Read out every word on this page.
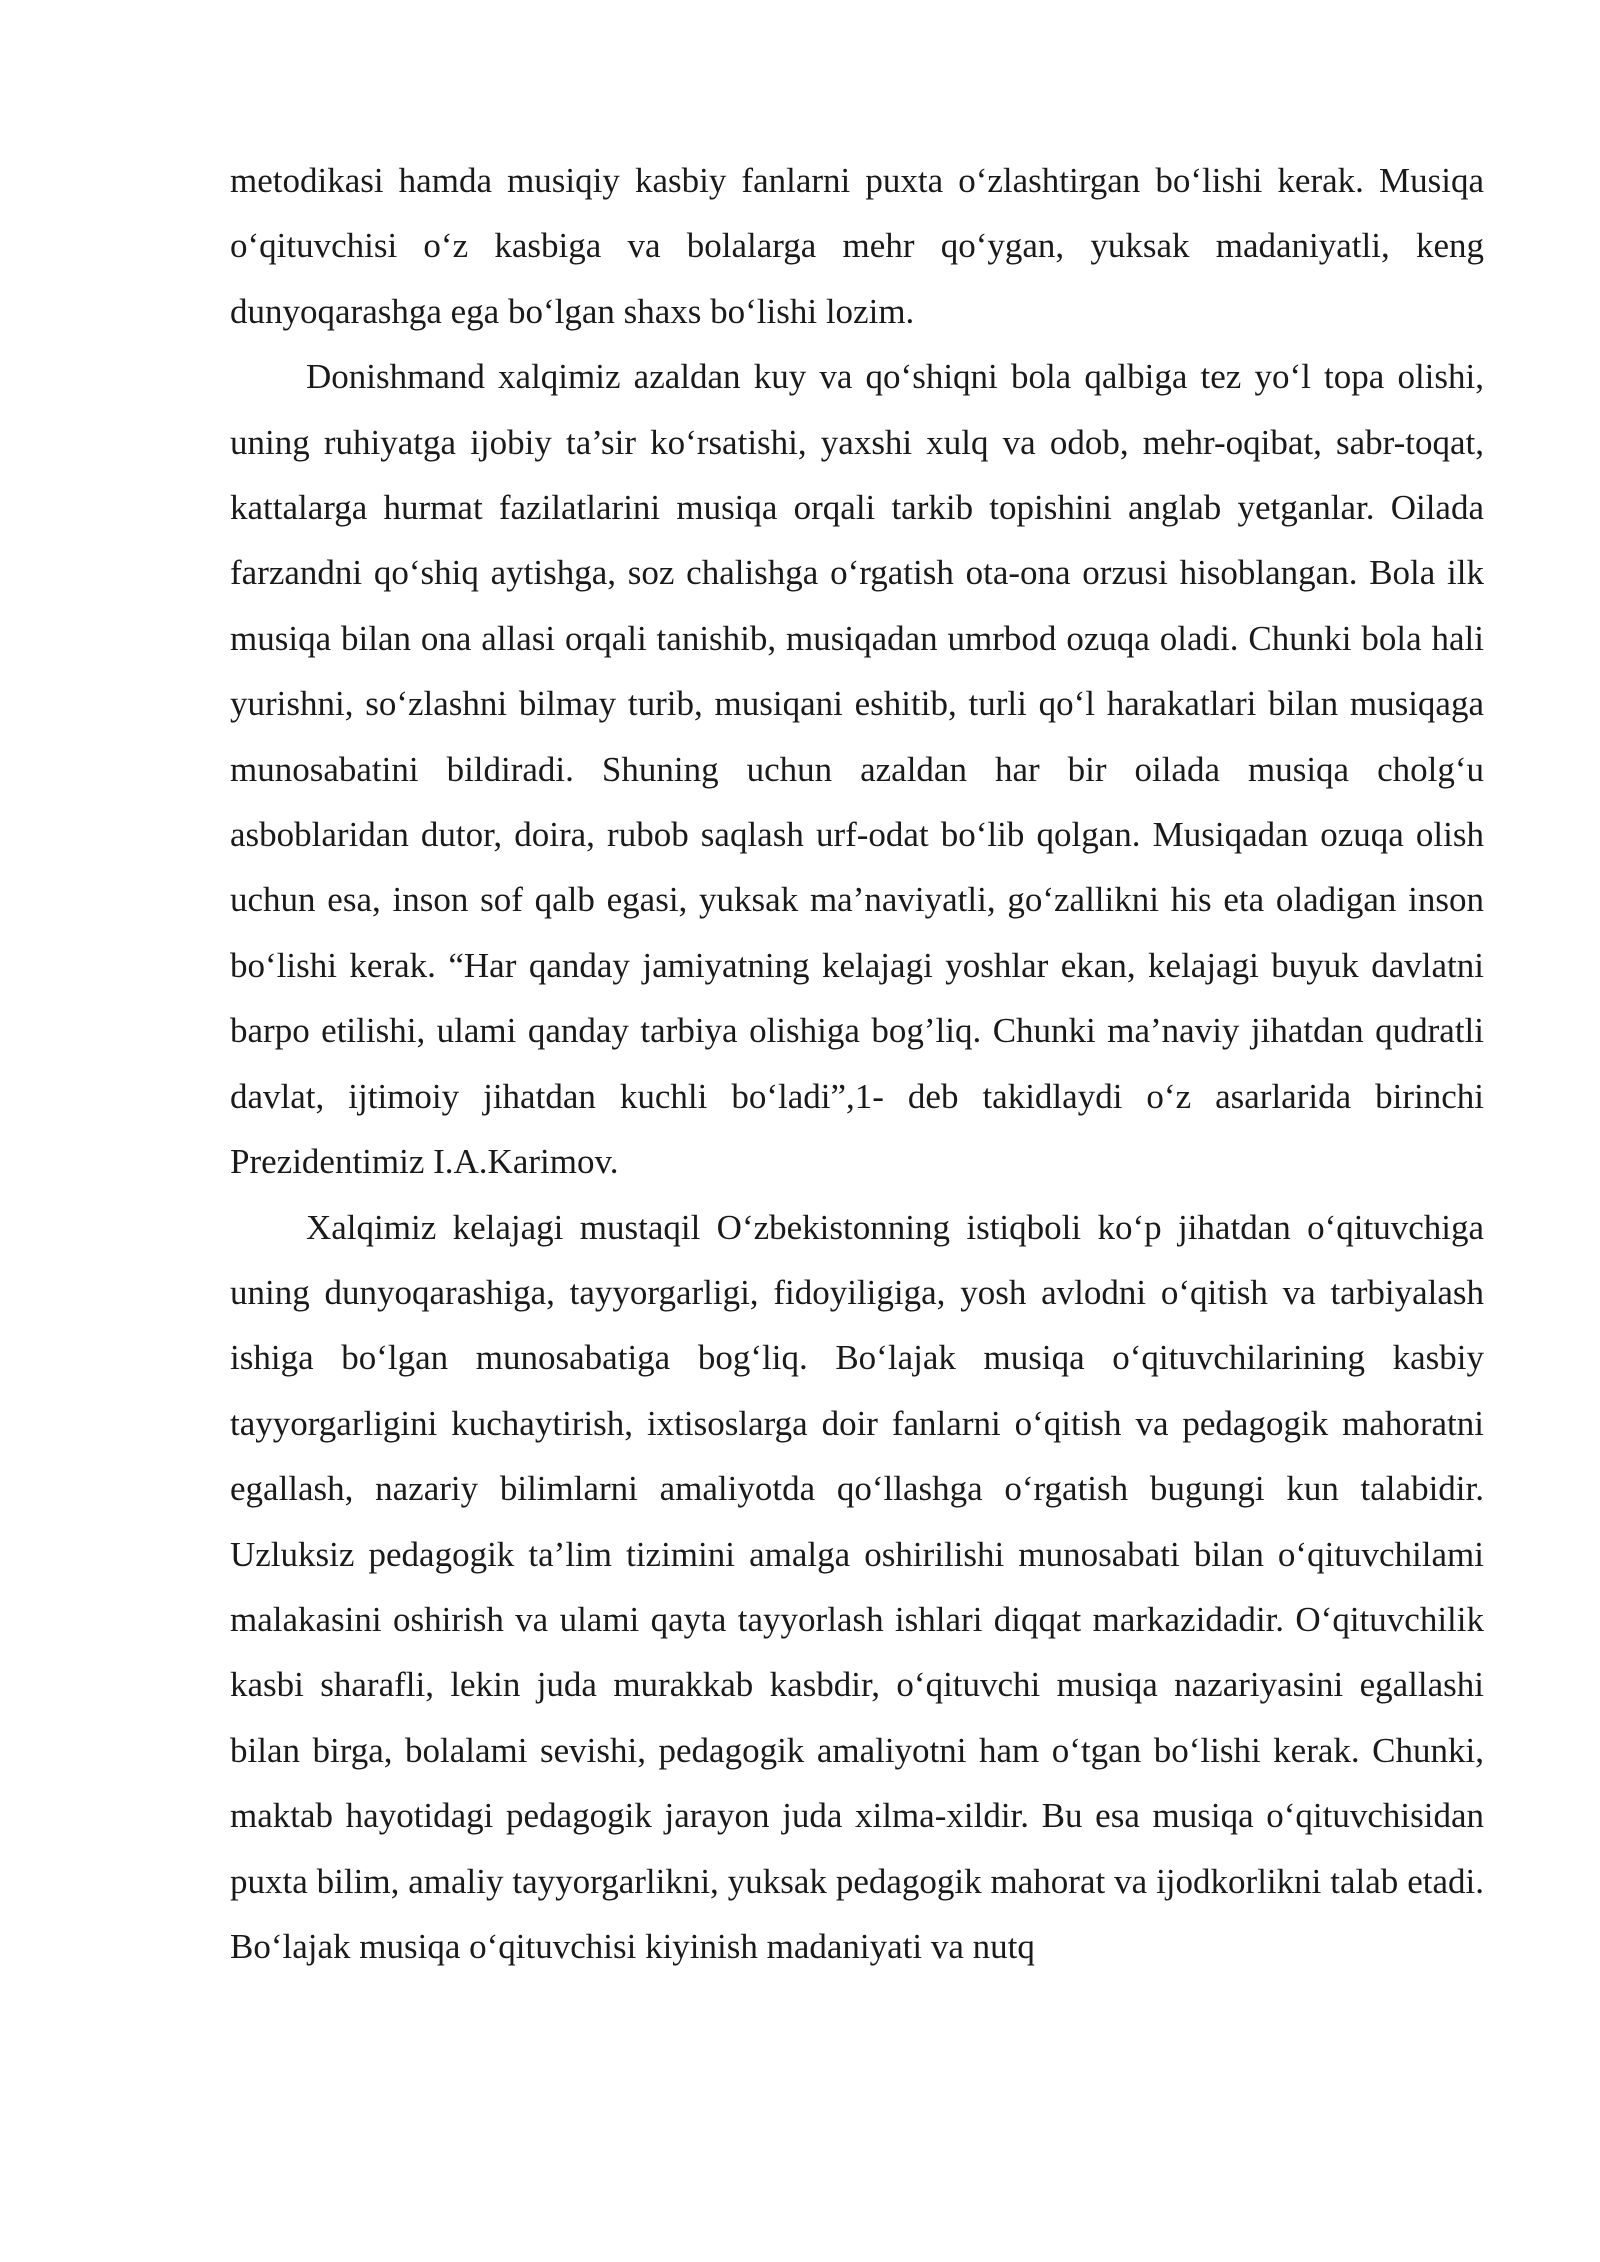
metodikasi hamda musiqiy kasbiy fanlarni puxta o‘zlashtirgan bo‘lishi kerak. Musiqa o‘qituvchisi o‘z kasbiga va bolalarga mehr qo‘ygan, yuksak madaniyatli, keng dunyoqarashga ega bo‘lgan shaxs bo‘lishi lozim.

Donishmand xalqimiz azaldan kuy va qo‘shiqni bola qalbiga tez yo‘l topa olishi, uning ruhiyatga ijobiy ta’sir ko‘rsatishi, yaxshi xulq va odob, mehr-oqibat, sabr-toqat, kattalarga hurmat fazilatlarini musiqa orqali tarkib topishini anglab yetganlar. Oilada farzandni qo‘shiq aytishga, soz chalishga o‘rgatish ota-ona orzusi hisoblangan. Bola ilk musiqa bilan ona allasi orqali tanishib, musiqadan umrbod ozuqa oladi. Chunki bola hali yurishni, so‘zlashni bilmay turib, musiqani eshitib, turli qo‘l harakatlari bilan musiqaga munosabatini bildiradi. Shuning uchun azaldan har bir oilada musiqa cholg‘u asboblaridan dutor, doira, rubob saqlash urf-odat bo‘lib qolgan. Musiqadan ozuqa olish uchun esa, inson sof qalb egasi, yuksak ma’naviyatli, go‘zallikni his eta oladigan inson bo‘lishi kerak. “Har qanday jamiyatning kelajagi yoshlar ekan, kelajagi buyuk davlatni barpo etilishi, ulami qanday tarbiya olishiga bog’liq. Chunki ma’naviy jihatdan qudratli davlat, ijtimoiy jihatdan kuchli bo‘ladi”,1- deb takidlaydi o‘z asarlarida birinchi Prezidentimiz I.A.Karimov.

Xalqimiz kelajagi mustaqil O‘zbekistonning istiqboli ko‘p jihatdan o‘qituvchiga uning dunyoqarashiga, tayyorgarligi, fidoyiligiga, yosh avlodni o‘qitish va tarbiyalash ishiga bo‘lgan munosabatiga bog‘liq. Bo‘lajak musiqa o‘qituvchilarining kasbiy tayyorgarligini kuchaytirish, ixtisoslarga doir fanlarni o‘qitish va pedagogik mahoratni egallash, nazariy bilimlarni amaliyotda qo‘llashga o‘rgatish bugungi kun talabidir. Uzluksiz pedagogik ta’lim tizimini amalga oshirilishi munosabati bilan o‘qituvchilami malakasini oshirish va ulami qayta tayyorlash ishlari diqqat markazidadir. O‘qituvchilik kasbi sharafli, lekin juda murakkab kasbdir, o‘qituvchi musiqa nazariyasini egallashi bilan birga, bolalami sevishi, pedagogik amaliyotni ham o‘tgan bo‘lishi kerak. Chunki, maktab hayotidagi pedagogik jarayon juda xilma-xildir. Bu esa musiqa o‘qituvchisidan puxta bilim, amaliy tayyorgarlikni, yuksak pedagogik mahorat va ijodkorlikni talab etadi. Bo‘lajak musiqa o‘qituvchisi kiyinish madaniyati va nutq
